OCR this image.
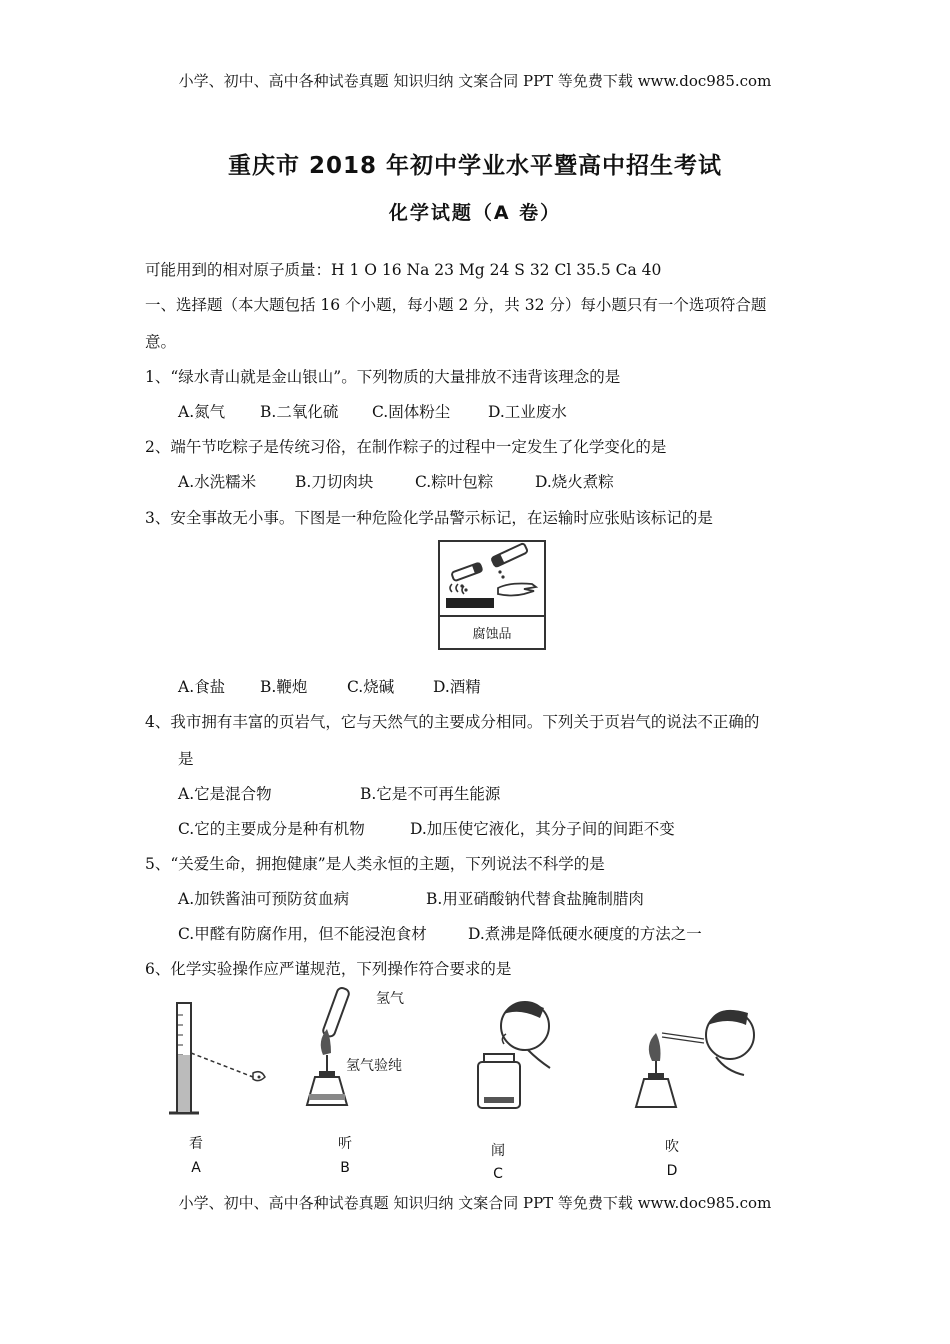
小学、初中、高中各种试卷真题 知识归纳 文案合同 PPT 等免费下载 www.doc985.com
小学、初中、高中各种试卷真题 知识归纳 文案合同 PPT 等免费下载 www.doc985.com
重庆市 2018 年初中学业水平暨高中招生考试
化学试题（A 卷）
可能用到的相对原子质量：H 1 O 16 Na 23 Mg 24 S 32 Cl 35.5 Ca 40
一、选择题（本大题包括 16 个小题，每小题 2 分，共 32 分）每小题只有一个选项符合题
意。
1、“绿水青山就是金山银山”。下列物质的大量排放不违背该理念的是
A.氮气 B.二氧化硫 C.固体粉尘 D.工业废水
2、端午节吃粽子是传统习俗，在制作粽子的过程中一定发生了化学变化的是
A.水洗糯米	B.刀切肉块	C.粽叶包粽	D.烧火煮粽
3、安全事故无小事。下图是一种危险化学品警示标记，在运输时应张贴该标记的是
腐蚀品
A.食盐 B.鞭炮	C.烧碱	D.酒精
4、我市拥有丰富的页岩气，它与天然气的主要成分相同。下列关于页岩气的说法不正确的
是
A.它是混合物	B.它是不可再生能源
C.它的主要成分是种有机物	D.加压使它液化，其分子间的间距不变
5、“关爱生命，拥抱健康”是人类永恒的主题，下列说法不科学的是
A.加铁酱油可预防贫血病	B.用亚硝酸钠代替食盐腌制腊肉
C.甲醛有防腐作用，但不能浸泡食材	D.煮沸是降低硬水硬度的方法之一
6、化学实验操作应严谨规范，下列操作符合要求的是
氢气
氢气验纯
看
A
听
B
闻
C
吹
D
